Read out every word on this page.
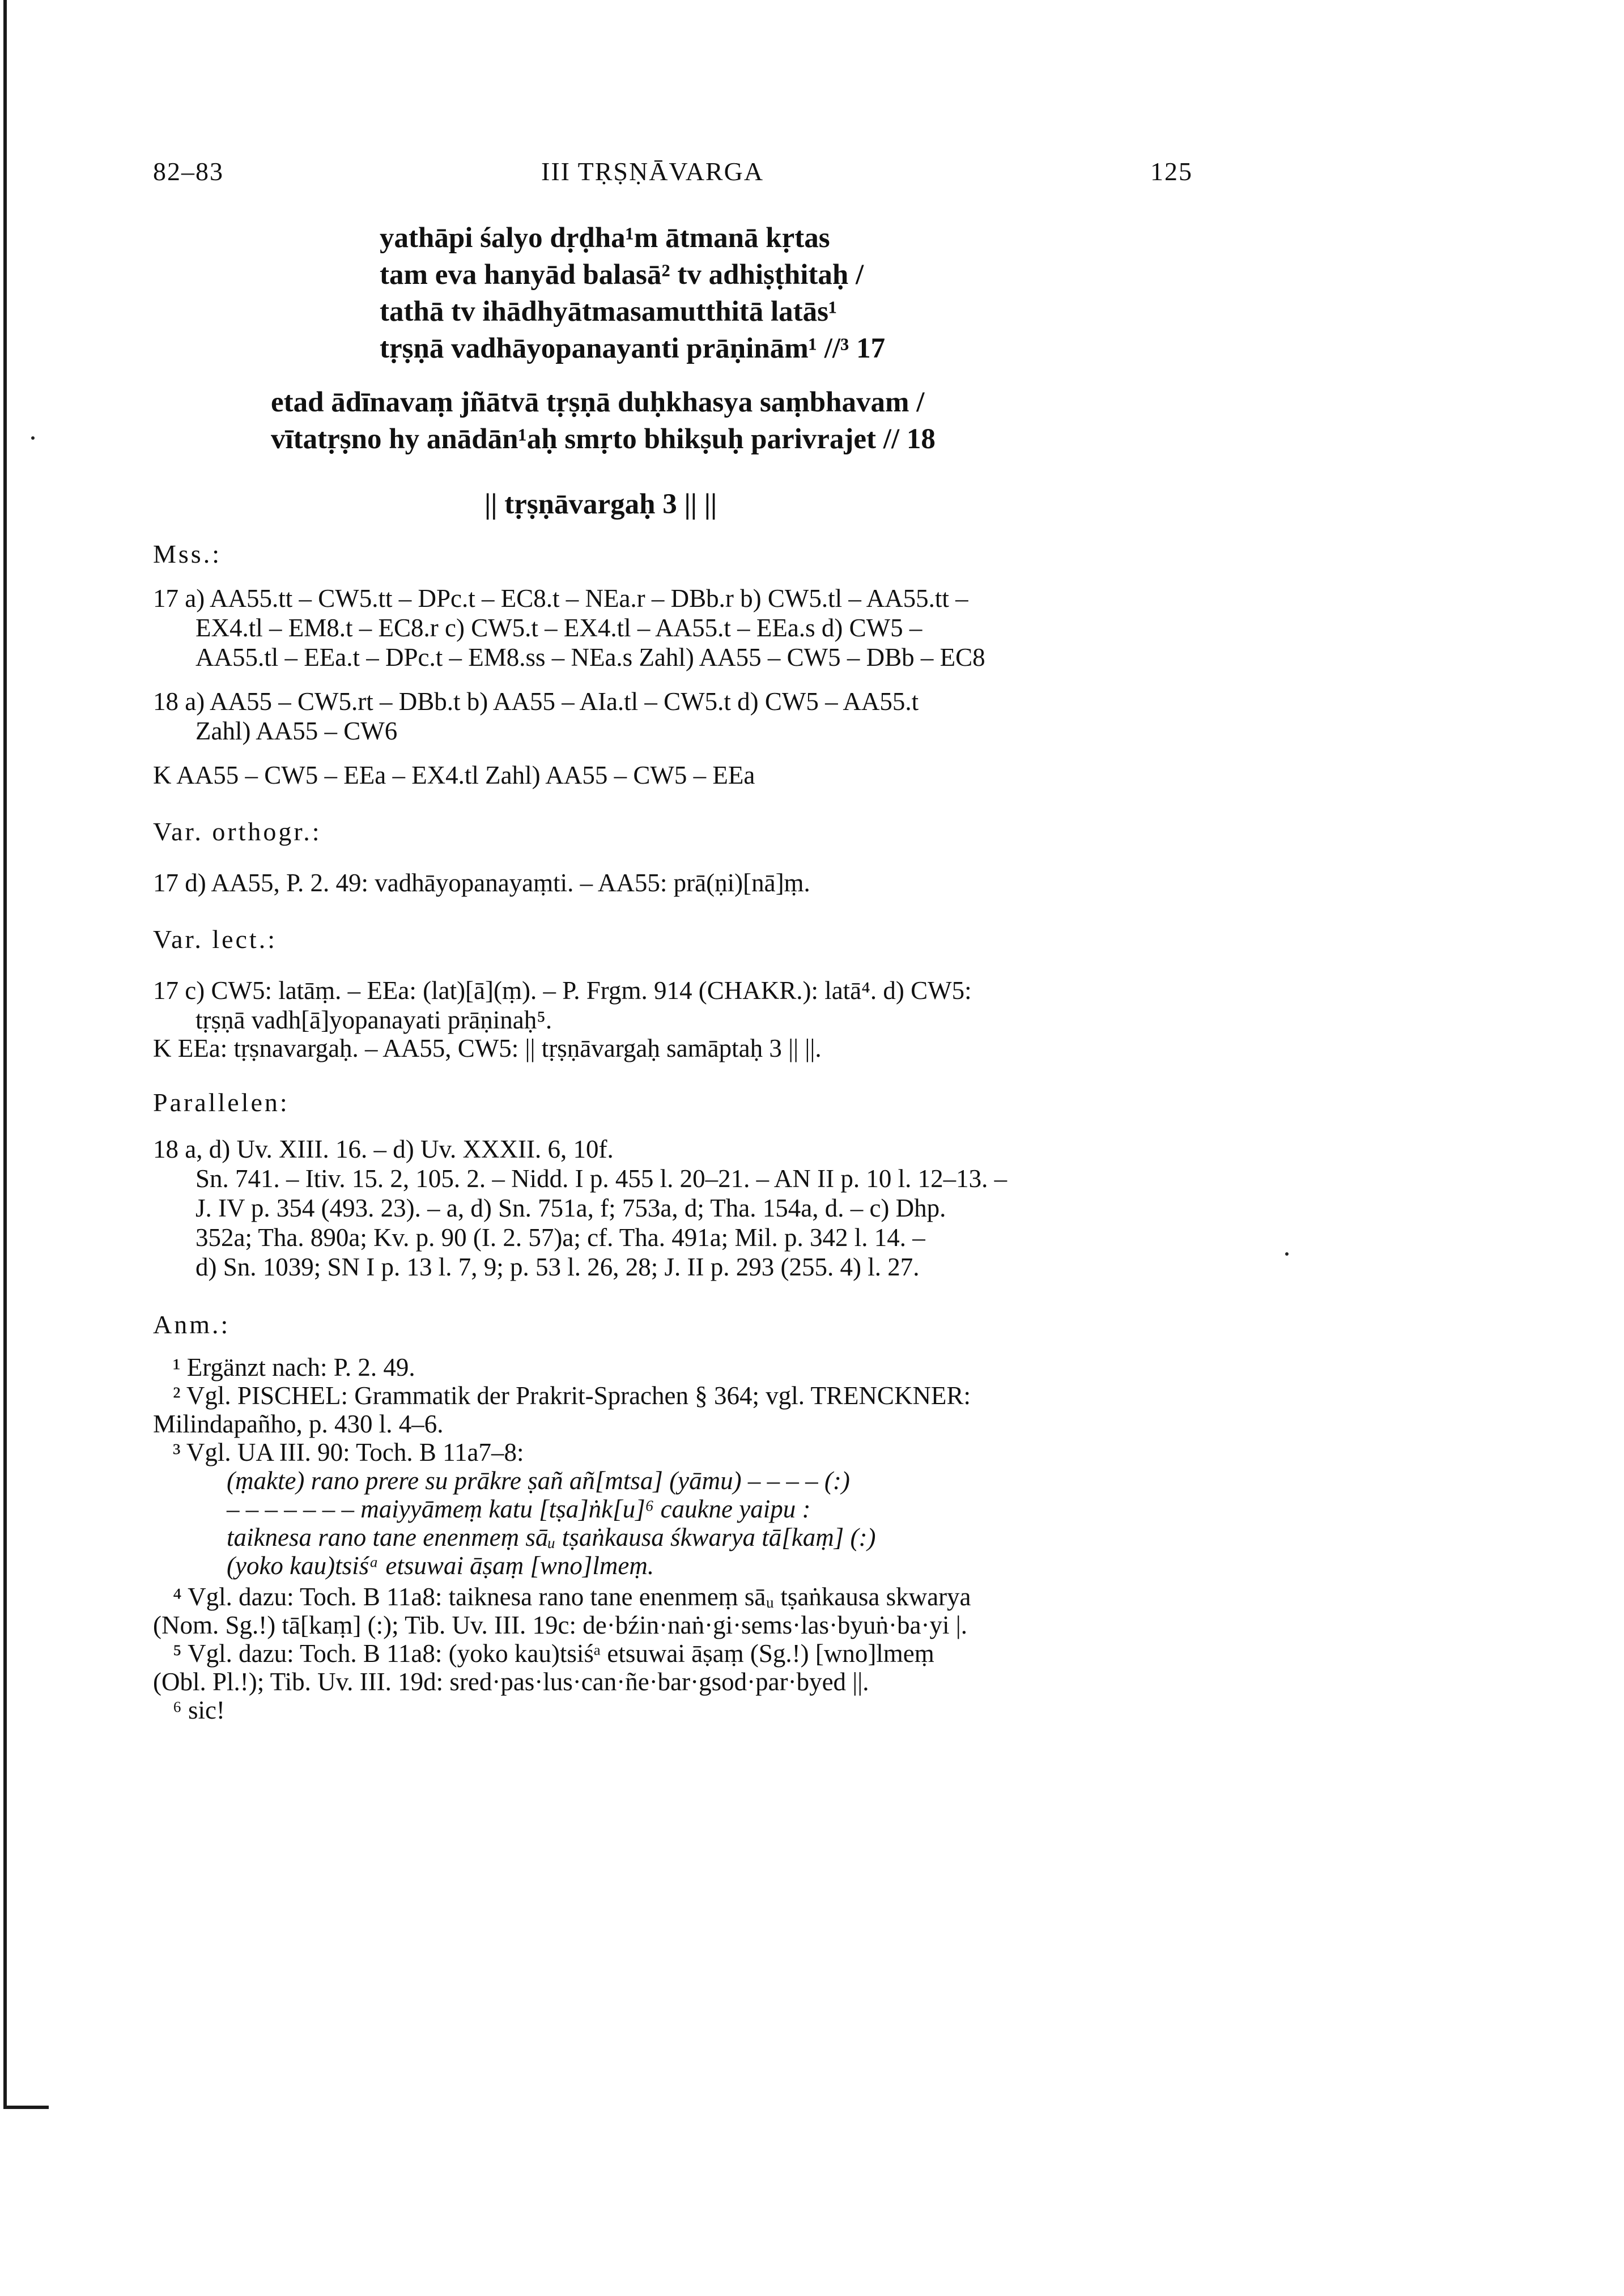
82–83	III TṚṢṆĀVARGA	125
yathāpi śalyo dṛḍha¹m ātmanā kṛtas
tam eva hanyād balasā² tv adhiṣṭhitaḥ /
tathā tv ihādhyātmasamutthitā latās¹
tṛṣṇā vadhāyopanayanti prāṇinām¹ //³ 17
etad ādīnavaṃ jñātvā tṛṣṇā duḥkhasya saṃbhavam /
vītatṛṣno hy anādān¹aḥ smṛto bhikṣuḥ parivrajet // 18
|| tṛṣṇāvargaḥ 3 || ||
Mss.:
17 a) AA55.tt – CW5.tt – DPc.t – EC8.t – NEa.r – DBb.r b) CW5.tl – AA55.tt –
EX4.tl – EM8.t – EC8.r c) CW5.t – EX4.tl – AA55.t – EEa.s d) CW5 –
AA55.tl – EEa.t – DPc.t – EM8.ss – NEa.s Zahl) AA55 – CW5 – DBb – EC8
18 a) AA55 – CW5.rt – DBb.t b) AA55 – AIa.tl – CW5.t d) CW5 – AA55.t
Zahl) AA55 – CW6
K AA55 – CW5 – EEa – EX4.tl Zahl) AA55 – CW5 – EEa
Var. orthogr.:
17 d) AA55, P. 2. 49: vadhāyopanayaṃti. – AA55: prā(ṇi)[nā]ṃ.
Var. lect.:
17 c) CW5: latāṃ. – EEa: (lat)[ā](ṃ). – P. Frgm. 914 (CHAKR.): latā⁴. d) CW5:
tṛṣṇā vadh[ā]yopanayati prāṇinaḥ⁵.
K EEa: tṛṣnavargaḥ. – AA55, CW5: || tṛṣṇāvargaḥ samāptaḥ 3 || ||.
Parallelen:
18 a, d) Uv. XIII. 16. – d) Uv. XXXII. 6, 10f.
Sn. 741. – Itiv. 15. 2, 105. 2. – Nidd. I p. 455 l. 20–21. – AN II p. 10 l. 12–13. –
J. IV p. 354 (493. 23). – a, d) Sn. 751a, f; 753a, d; Tha. 154a, d. – c) Dhp.
352a; Tha. 890a; Kv. p. 90 (I. 2. 57)a; cf. Tha. 491a; Mil. p. 342 l. 14. –
d) Sn. 1039; SN I p. 13 l. 7, 9; p. 53 l. 26, 28; J. II p. 293 (255. 4) l. 27.
Anm.:
¹ Ergänzt nach: P. 2. 49.
² Vgl. PISCHEL: Grammatik der Prakrit-Sprachen § 364; vgl. TRENCKNER:
Milindapañho, p. 430 l. 4–6.
³ Vgl. UA III. 90: Toch. B 11a7–8:
(ṃakte) rano prere su prākre ṣañ añ[mtsa] (yāmu) – – – – (:)
– – – – – – – maiyyāmeṃ katu [tṣa]ṅk[u]⁶ caukne yaipu :
taiknesa rano tane enenmeṃ sāᵤ tṣaṅkausa śkwarya tā[kaṃ] (:)
(yoko kau)tsiśᵃ etsuwai āṣaṃ [wno]lmeṃ.
⁴ Vgl. dazu: Toch. B 11a8: taiknesa rano tane enenmeṃ sāᵤ tṣaṅkausa skwarya
(Nom. Sg.!) tā[kaṃ] (:); Tib. Uv. III. 19c: de·bźin·naṅ·gi·sems·las·byuṅ·ba·yi |.
⁵ Vgl. dazu: Toch. B 11a8: (yoko kau)tsiśᵃ etsuwai āṣaṃ (Sg.!) [wno]lmeṃ
(Obl. Pl.!); Tib. Uv. III. 19d: sred·pas·lus·can·ñe·bar·gsod·par·byed ||.
⁶ sic!
